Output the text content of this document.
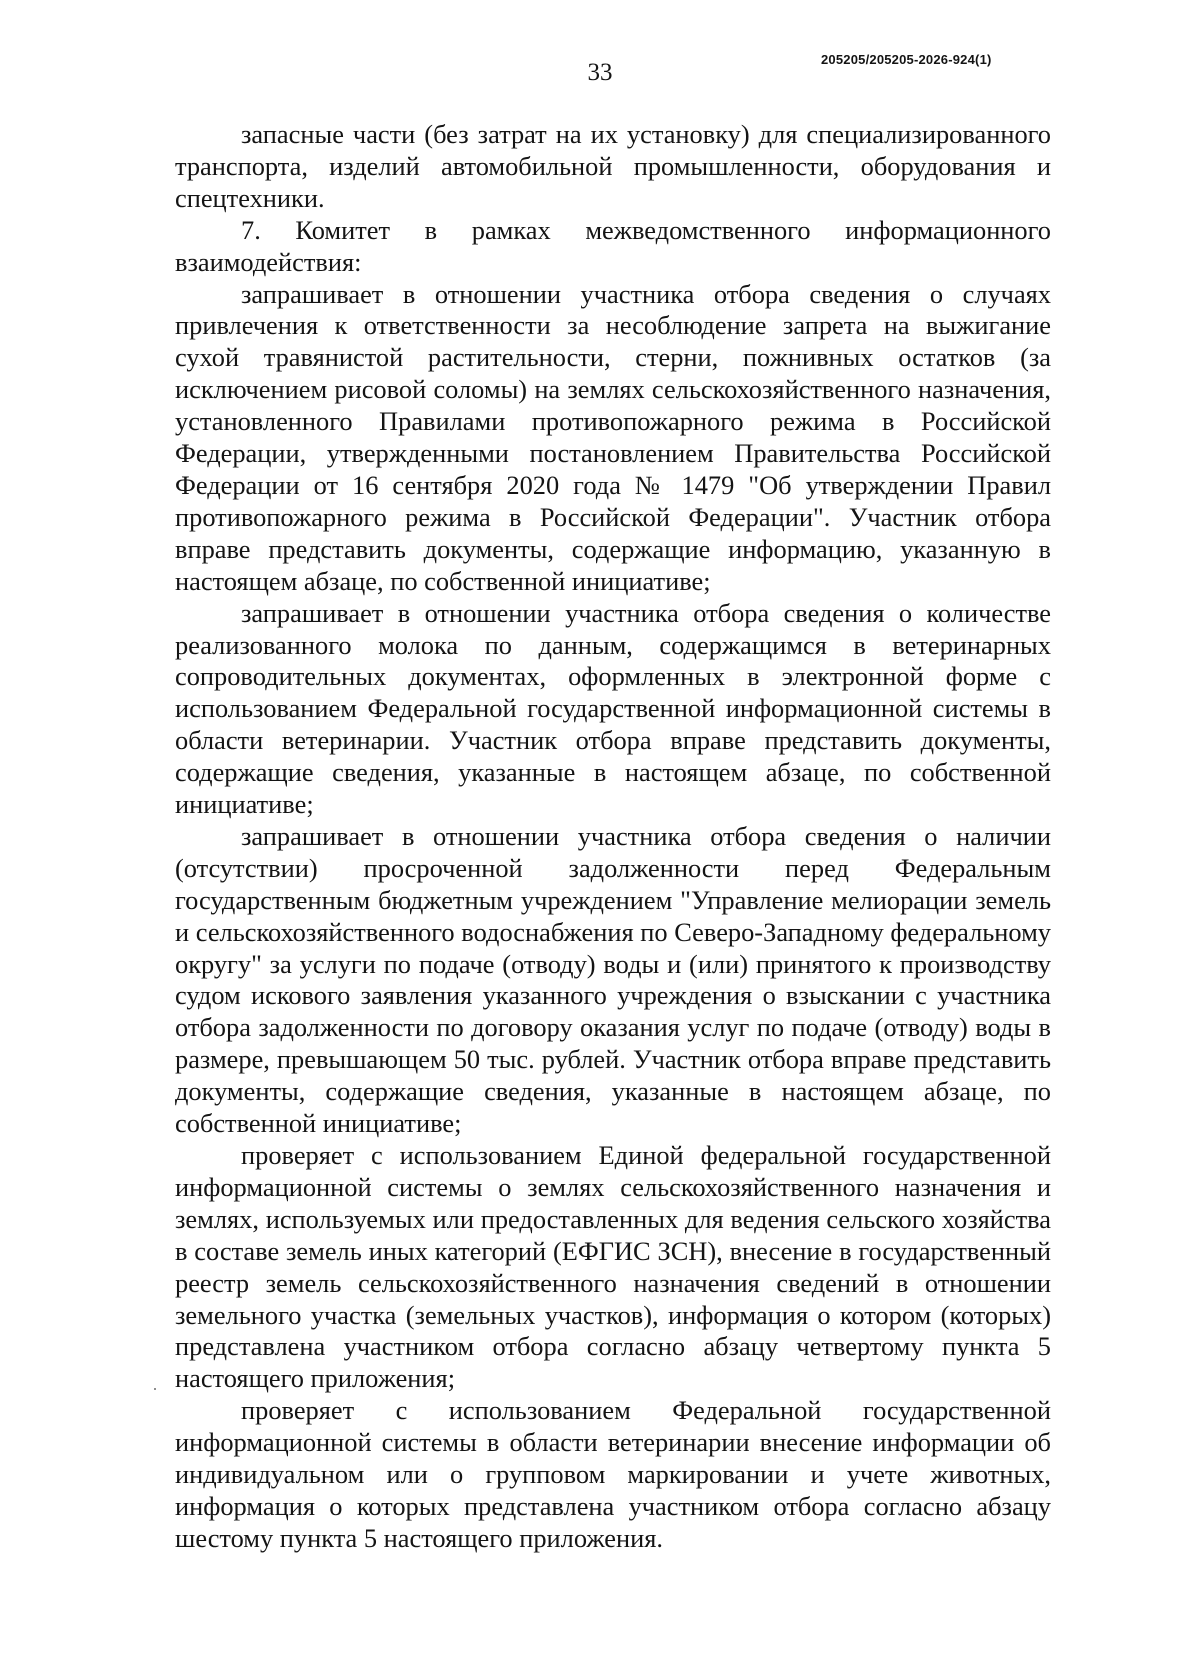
33	205205/205205-2026-924(1)

запасные части (без затрат на их установку) для специализированного транспорта, изделий автомобильной промышленности, оборудования и спецтехники.

7. Комитет в рамках межведомственного информационного взаимодействия:

запрашивает в отношении участника отбора сведения о случаях привлечения к ответственности за несоблюдение запрета на выжигание сухой травянистой растительности, стерни, пожнивных остатков (за исключением рисовой соломы) на землях сельскохозяйственного назначения, установленного Правилами противопожарного режима в Российской Федерации, утвержденными постановлением Правительства Российской Федерации от 16 сентября 2020 года № 1479 "Об утверждении Правил противопожарного режима в Российской Федерации". Участник отбора вправе представить документы, содержащие информацию, указанную в настоящем абзаце, по собственной инициативе;

запрашивает в отношении участника отбора сведения о количестве реализованного молока по данным, содержащимся в ветеринарных сопроводительных документах, оформленных в электронной форме с использованием Федеральной государственной информационной системы в области ветеринарии. Участник отбора вправе представить документы, содержащие сведения, указанные в настоящем абзаце, по собственной инициативе;

запрашивает в отношении участника отбора сведения о наличии (отсутствии) просроченной задолженности перед Федеральным государственным бюджетным учреждением "Управление мелиорации земель и сельскохозяйственного водоснабжения по Северо-Западному федеральному округу" за услуги по подаче (отводу) воды и (или) принятого к производству судом искового заявления указанного учреждения о взыскании с участника отбора задолженности по договору оказания услуг по подаче (отводу) воды в размере, превышающем 50 тыс. рублей. Участник отбора вправе представить документы, содержащие сведения, указанные в настоящем абзаце, по собственной инициативе;

проверяет с использованием Единой федеральной государственной информационной системы о землях сельскохозяйственного назначения и землях, используемых или предоставленных для ведения сельского хозяйства в составе земель иных категорий (ЕФГИС ЗСН), внесение в государственный реестр земель сельскохозяйственного назначения сведений в отношении земельного участка (земельных участков), информация о котором (которых) представлена участником отбора согласно абзацу четвертому пункта 5 настоящего приложения;

проверяет с использованием Федеральной государственной информационной системы в области ветеринарии внесение информации об индивидуальном или о групповом маркировании и учете животных, информация о которых представлена участником отбора согласно абзацу шестому пункта 5 настоящего приложения.
